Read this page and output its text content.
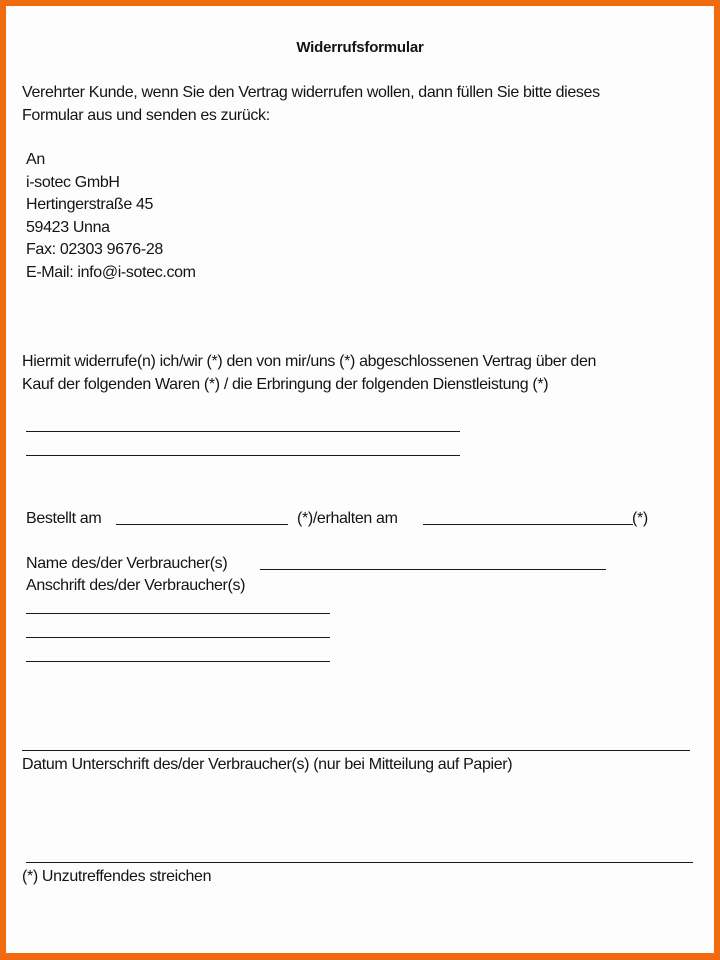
Widerrufsformular
Verehrter Kunde, wenn Sie den Vertrag widerrufen wollen, dann füllen Sie bitte dieses
Formular aus und senden es zurück:
An
i-sotec GmbH
Hertingerstraße 45
59423 Unna
Fax: 02303 9676-28
E-Mail: info@i-sotec.com
Hiermit widerrufe(n) ich/wir (*) den von mir/uns (*) abgeschlossenen Vertrag über den
Kauf der folgenden Waren (*) / die Erbringung der folgenden Dienstleistung (*)
Bestellt am	(*)/erhalten am	(*)
Name des/der Verbraucher(s)
Anschrift des/der Verbraucher(s)
Datum Unterschrift des/der Verbraucher(s) (nur bei Mitteilung auf Papier)
(*) Unzutreffendes streichen
